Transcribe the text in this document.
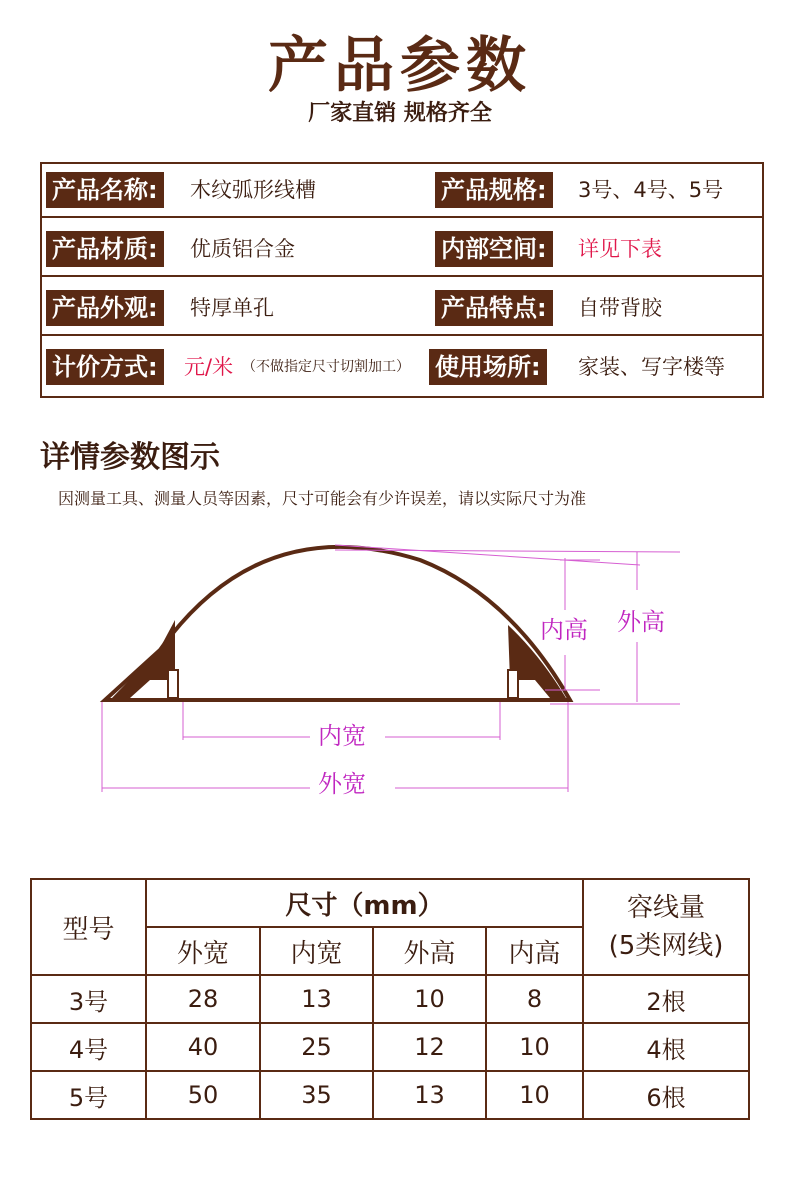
产品参数
厂家直销 规格齐全
产品名称: 木纹弧形线槽	产品规格: 3号、4号、5号
产品材质: 优质铝合金	内部空间: 详见下表
产品外观: 特厚单孔	产品特点: 自带背胶
计价方式: 元/米 （不做指定尺寸切割加工） 使用场所: 家装、写字楼等
详情参数图示
因测量工具、测量人员等因素，尺寸可能会有少许误差，请以实际尺寸为准
内高 外高
内宽
外宽
型号	尺寸（mm）				容线量
(5类网线)

	外宽	内宽	外高	内高	
3号	28	13	10	8	2根
4号	40	25	12	10	4根
5号	50	35	13	10	6根
